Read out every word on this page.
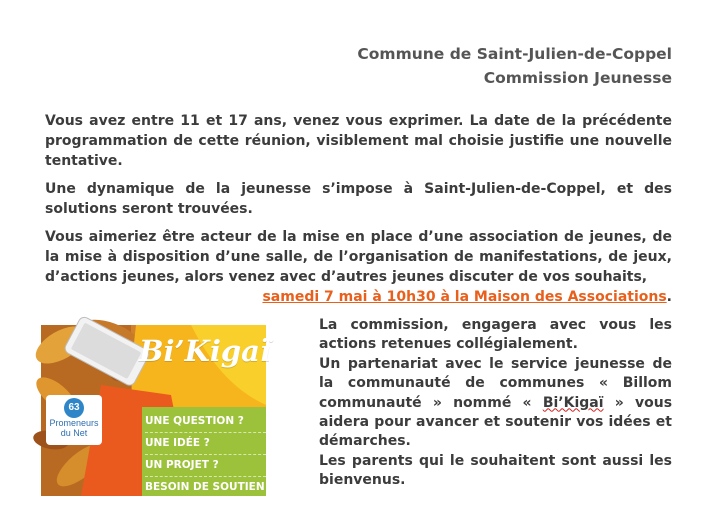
Commune de Saint-Julien-de-Coppel
Commission Jeunesse
Vous avez entre 11 et 17 ans, venez vous exprimer. La date de la précédente programmation de cette réunion, visiblement mal choisie justifie une nouvelle tentative.
Une dynamique de la jeunesse s’impose à Saint-Julien-de-Coppel, et des solutions seront trouvées.
Vous aimeriez être acteur de la mise en place d’une association de jeunes, de la mise à disposition d’une salle, de l’organisation de manifestations, de jeux, d’actions jeunes, alors venez avec d’autres jeunes discuter de vos souhaits,
samedi 7 mai à 10h30 à la Maison des Associations.
Bi’Kigaï
63
Promeneurs
du Net
UNE QUESTION ?
UNE IDÉE ?
UN PROJET ?
BESOIN DE SOUTIEN ?

La commission, engagera avec vous les actions retenues collégialement.

Un partenariat avec le service jeunesse de la communauté de communes « Billom communauté » nommé « Bi’Kigaï » vous aidera pour avancer et soutenir vos idées et démarches.

Les parents qui le souhaitent sont aussi les bienvenus.
